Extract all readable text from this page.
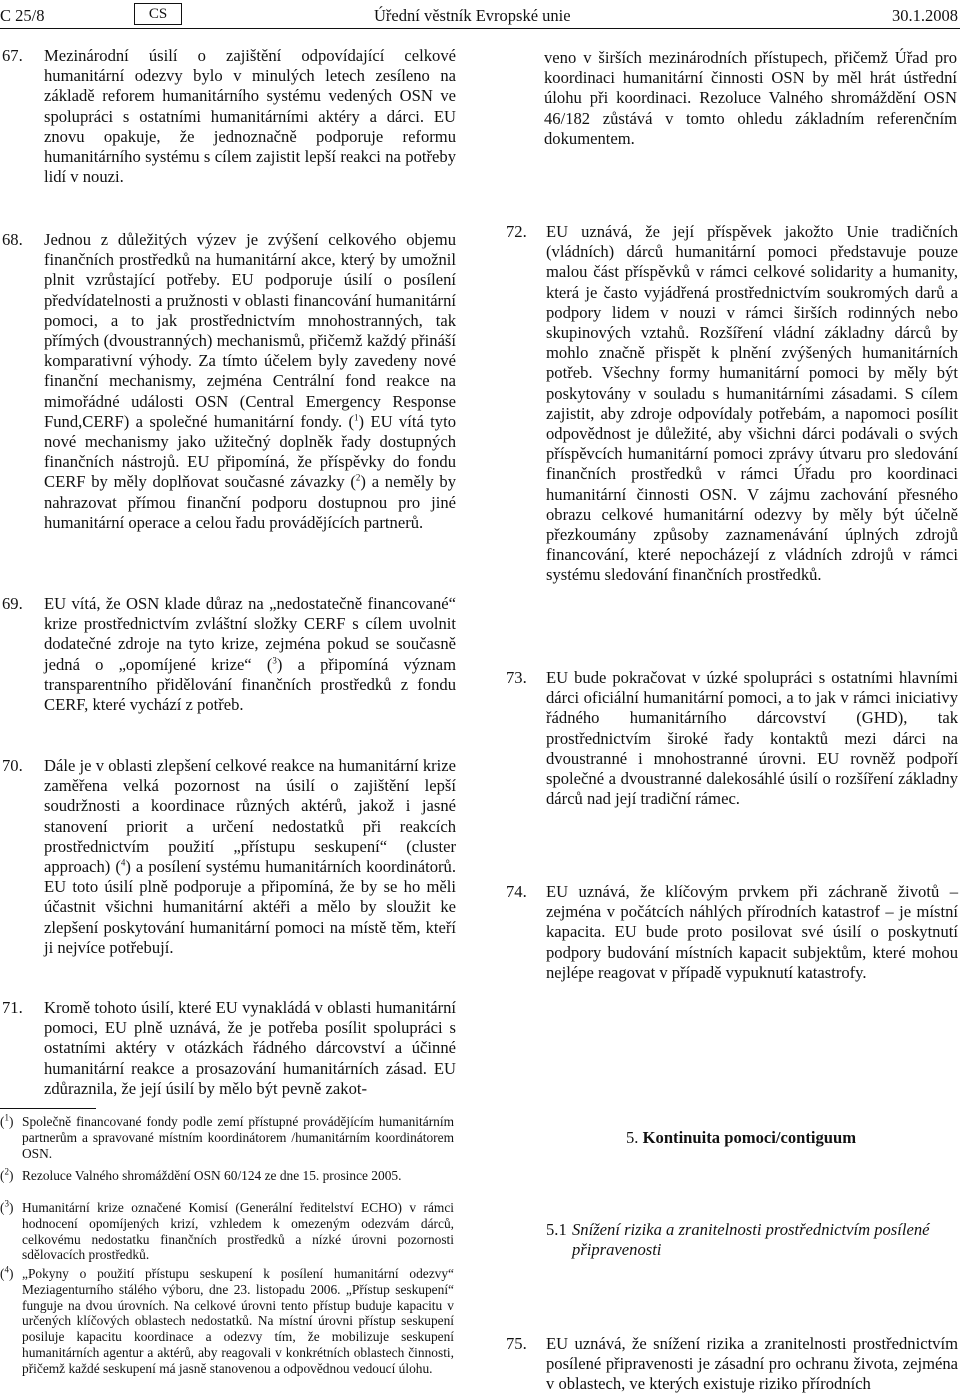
C 25/8	CS	Úřední věstník Evropské unie	30.1.2008
67. Mezinárodní úsilí o zajištění odpovídající celkové humanitární odezvy bylo v minulých letech zesíleno na základě reforem humanitárního systému vedených OSN ve spolupráci s ostatními humanitárními aktéry a dárci. EU znovu opakuje, že jednoznačně podporuje reformu humanitárního systému s cílem zajistit lepší reakci na potřeby lidí v nouzi.
veno v širších mezinárodních přístupech, přičemž Úřad pro koordinaci humanitární činnosti OSN by měl hrát ústřední úlohu při koordinaci. Rezoluce Valného shromáždění OSN 46/182 zůstává v tomto ohledu základním referenčním dokumentem.
68. Jednou z důležitých výzev je zvýšení celkového objemu finančních prostředků na humanitární akce, který by umožnil plnit vzrůstající potřeby. EU podporuje úsilí o posílení předvídatelnosti a pružnosti v oblasti financování humanitární pomoci, a to jak prostřednictvím mnohostranných, tak přímých (dvoustranných) mechanismů, přičemž každý přináší komparativní výhody. Za tímto účelem byly zavedeny nové finanční mechanismy, zejména Centrální fond reakce na mimořádné události OSN (Central Emergency Response Fund,CERF) a společné humanitární fondy. ($^1$) EU vítá tyto nové mechanismy jako užitečný doplněk řady dostupných finančních nástrojů. EU připomíná, že příspěvky do fondu CERF by měly doplňovat současné závazky ($^2$) a neměly by nahrazovat přímou finanční podporu dostupnou pro jiné humanitární operace a celou řadu provádějících partnerů.
69. EU vítá, že OSN klade důraz na „nedostatečně financované“ krize prostřednictvím zvláštní složky CERF s cílem uvolnit dodatečné zdroje na tyto krize, zejména pokud se současně jedná o „opomíjené krize“ ($^3$) a připomíná význam transparentního přidělování finančních prostředků z fondu CERF, které vychází z potřeb.
70. Dále je v oblasti zlepšení celkové reakce na humanitární krize zaměřena velká pozornost na úsilí o zajištění lepší soudržnosti a koordinace různých aktérů, jakož i jasné stanovení priorit a určení nedostatků při reakcích prostřednictvím použití „přístupu seskupení“ (cluster approach) ($^4$) a posílení systému humanitárních koordinátorů. EU toto úsilí plně podporuje a připomíná, že by se ho měli účastnit všichni humanitární aktéři a mělo by sloužit ke zlepšení poskytování humanitární pomoci na místě těm, kteří ji nejvíce potřebují.
71. Kromě tohoto úsilí, které EU vynakládá v oblasti humanitární pomoci, EU plně uznává, že je potřeba posílit spolupráci s ostatními aktéry v otázkách řádného dárcovství a účinné humanitární reakce a prosazování humanitárních zásad. EU zdůraznila, že její úsilí by mělo být pevně zakot-
72. EU uznává, že její příspěvek jakožto Unie tradičních (vládních) dárců humanitární pomoci představuje pouze malou část příspěvků v rámci celkové solidarity a humanity, která je často vyjádřená prostřednictvím soukromých darů a podpory lidem v nouzi v rámci širších rodinných nebo skupinových vztahů. Rozšíření vládní základny dárců by mohlo značně přispět k plnění zvýšených humanitárních potřeb. Všechny formy humanitární pomoci by měly být poskytovány v souladu s humanitárními zásadami. S cílem zajistit, aby zdroje odpovídaly potřebám, a napomoci posílit odpovědnost je důležité, aby všichni dárci podávali o svých příspěvcích humanitární pomoci zprávy útvaru pro sledování finančních prostředků v rámci Úřadu pro koordinaci humanitární činnosti OSN. V zájmu zachování přesného obrazu celkové humanitární odezvy by měly být účelně přezkoumány způsoby zaznamenávání úplných zdrojů financování, které nepocházejí z vládních zdrojů v rámci systému sledování finančních prostředků.
73. EU bude pokračovat v úzké spolupráci s ostatními hlavními dárci oficiální humanitární pomoci, a to jak v rámci iniciativy řádného humanitárního dárcovství (GHD), tak prostřednictvím široké řady kontaktů mezi dárci na dvoustranné i mnohostranné úrovni. EU rovněž podpoří společné a dvoustranné dalekosáhlé úsilí o rozšíření základny dárců nad její tradiční rámec.
74. EU uznává, že klíčovým prvkem při záchraně životů – zejména v počátcích náhlých přírodních katastrof – je místní kapacita. EU bude proto posilovat své úsilí o poskytnutí podpory budování místních kapacit subjektům, které mohou nejlépe reagovat v případě vypuknutí katastrofy.
5. Kontinuita pomoci/contiguum
5.1 Snížení rizika a zranitelnosti prostřednictvím posílené připravenosti
75. EU uznává, že snížení rizika a zranitelnosti prostřednictvím posílené připravenosti je zásadní pro ochranu života, zejména v oblastech, ve kterých existuje riziko přírodních
($^1$) Společně financované fondy podle zemí přístupné provádějícím humanitárním partnerům a spravované místním koordinátorem /humanitárním koordinátorem OSN.
($^2$) Rezoluce Valného shromáždění OSN 60/124 ze dne 15. prosince 2005.
($^3$) Humanitární krize označené Komisí (Generální ředitelství ECHO) v rámci hodnocení opomíjených krizí, vzhledem k omezeným odezvám dárců, celkovému nedostatku finančních prostředků a nízké úrovni pozornosti sdělovacích prostředků.
($^4$) „Pokyny o použití přístupu seskupení k posílení humanitární odezvy“ Meziagenturního stálého výboru, dne 23. listopadu 2006. „Přístup seskupení“ funguje na dvou úrovních. Na celkové úrovni tento přístup buduje kapacitu v určených klíčových oblastech nedostatků. Na místní úrovni přístup seskupení posiluje kapacitu koordinace a odezvy tím, že mobilizuje seskupení humanitárních agentur a aktérů, aby reagovali v konkrétních oblastech činnosti, přičemž každé seskupení má jasně stanovenou a odpovědnou vedoucí úlohu.
